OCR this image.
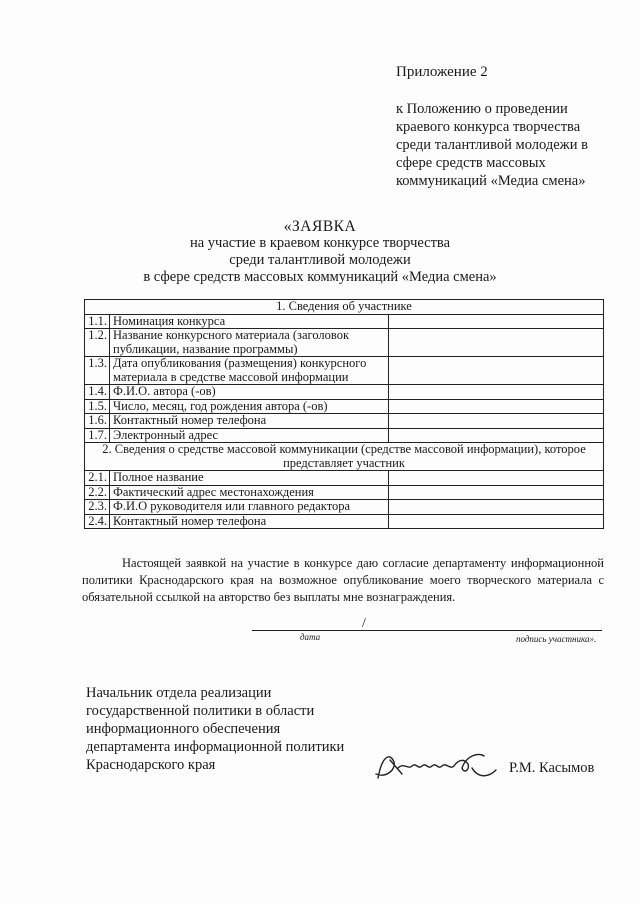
Приложение 2
к Положению о проведении
краевого конкурса творчества
среди талантливой молодежи в
сфере средств массовых
коммуникаций «Медиа смена»
«ЗАЯВКА
на участие в краевом конкурсе творчества
среди талантливой молодежи
в сфере средств массовых коммуникаций «Медиа смена»
1. Сведения об участнике		
1.1.	Номинация конкурса	
1.2.	Название конкурсного материала (заголовок публикации, название программы)	
1.3.	Дата опубликования (размещения) конкурсного материала в средстве массовой информации	
1.4.	Ф.И.О. автора (-ов)	
1.5.	Число, месяц, год рождения автора (-ов)	
1.6.	Контактный номер телефона	
1.7.	Электронный адрес	
2. Сведения о средстве массовой коммуникации (средстве массовой информации), которое представляет участник		
2.1.	Полное название	
2.2.	Фактический адрес местонахождения	
2.3.	Ф.И.О руководителя или главного редактора	
2.4.	Контактный номер телефона	
Настоящей заявкой на участие в конкурсе даю согласие департаменту информационной политики Краснодарского края на возможное опубликование моего творческого материала с обязательной ссылкой на авторство без выплаты мне вознаграждения.
/
дата	подпись участника».
Начальник отдела реализации
государственной политики в области
информационного обеспечения
департамента информационной политики
Краснодарского края	Р.М. Касымов
